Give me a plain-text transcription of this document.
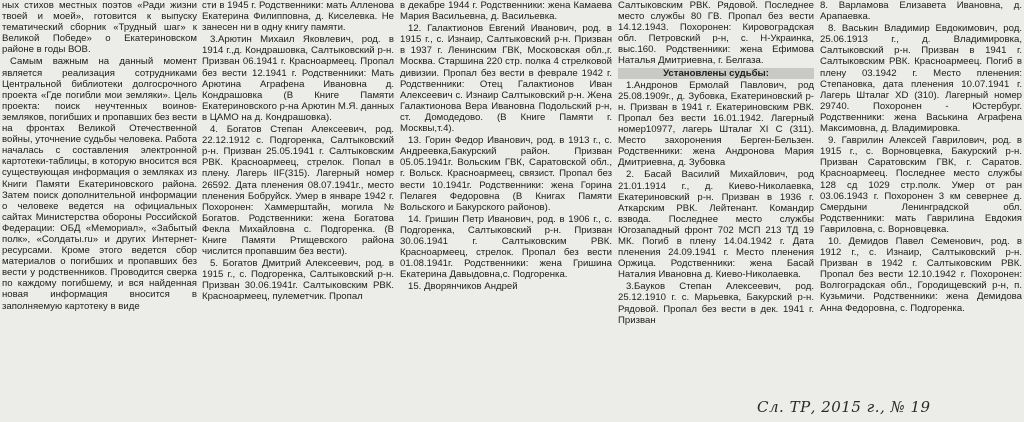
ных стихов местных поэтов «Ради жизни твоей и моей», готовится к выпуску тематический сборник «Трудный шаг» к Великой Победе» о Екатериновском районе в годы ВОВ.

Самым важным на данный момент является реализация сотрудниками Центральной библиотеки долгосрочного проекта «Где погибли мои земляки». Цель проекта: поиск неучтенных воинов-земляков, погибших и пропавших без вести на фронтах Великой Отечественной войны, уточнение судьбы человека. Работа началась с составления электронной картотеки-таблицы, в которую вносится вся существующая информация о земляках из Книги Памяти Екатериновского района. Затем поиск дополнительной информации о человеке ведется на официальных сайтах Министерства обороны Российской Федерации: ОБД «Мемориал», «Забытый полк», «Солдаты.ru» и других Интернет-ресурсами. Кроме этого ведется сбор материалов о погибших и пропавших без вести у родственников. Проводится сверка по каждому погибшему, и вся найденная новая информация вносится в заполняемую картотеку в виде

сти в 1945 г. Родственники: мать Алленова Екатерина Филипповна, д. Киселевка. Не занесен ни в одну книгу памяти.

3.Арютин Михаил Яковлевич, род. в 1914 г.,д. Кондрашовка, Салтыковский р-н. Призван 06.1941 г. Красноармеец. Пропал без вести 12.1941 г. Родственники: Мать Арютина Аграфена Ивановна д. Кондрашовка (В Книге Памяти Екатериновского р-на Арютин М.Я. данных в ЦАМО на д. Кондрашовка).

4. Богатов Степан Алексеевич, род. 22.12.1912 с. Подгоренка, Салтыковский р-н. Призван 25.05.1941 г. Салтыковским РВК. Красноармеец, стрелок. Попал в плену. Лагерь IIF(315). Лагерный номер 26592. Дата пленения 08.07.1941г., место пленения Бобруйск. Умер в январе 1942 г. Похоронен: Хаммерштайн, могила № Богатов. Родственники: жена Богатова Фекла Михайловна с. Подгоренка. (В Книге Памяти Ртищевского района числится пропавшим без вести).

5. Богатов Дмитрий Алексеевич, род. в 1915 г., с. Подгоренка, Салтыковский р-н. Призван 30.06.1941г. Салтыковским РВК. Красноармеец, пулеметчик. Пропал

в декабре 1944 г. Родственники: жена Камаева Мария Васильевна, д. Васильевка.

12. Галактионов Евгений Иванович, род. в 1915 г., с. Изнаир, Салтыковский р-н. Призван в 1937 г. Ленинским ГВК, Московская обл.,г. Москва. Старшина 220 стр. полка 4 стрелковой дивизии. Пропал без вести в феврале 1942 г. Родственники: Отец Галактионов Иван Алексеевич с. Изнаир Салтыковский р-н. Жена Галактионова Вера Ивановна Подольский р-н, ст. Домодедово. (В Книге Памяти г. Москвы,т.4).

13. Горин Федор Иванович, род. в 1913 г., с. Андреевка,Бакурский район. Призван 05.05.1941г. Вольским ГВК, Саратовской обл., г. Вольск. Красноармеец, связист. Пропал без вести 10.1941г. Родственники: жена Горина Пелагея Федоровна (В Книгах Памяти Вольского и Бакурского районов).

14. Гришин Петр Иванович, род. в 1906 г., с. Подгоренка, Салтыковский р-н. Призван 30.06.1941 г. Салтыковским РВК. Красноармеец, стрелок. Пропал без вести 01.08.1941г. Родственники: жена Гришина Екатерина Давыдовна,с. Подгоренка.

15. Дворянчиков Андрей

Салтыковским РВК. Рядовой. Последнее место службы 80 ГВ. Пропал без вести 14.12.1943. Похоронен: Кировоградская обл. Петровский р-н, с. Н-Украинка, выс.160. Родственники: жена Ефимова Наталья Дмитриевна, г. Белгаза.

Установлены судьбы:

1.Андронов Ермолай Павлович, род 25.08.1909г., д. Зубовка, Екатериновский р-н. Призван в 1941 г. Екатериновским РВК. Пропал без вести 16.01.1942. Лагерный номер10977, лагерь Шталаг XI С (311). Место захоронения Берген-Бельзен. Родственники: жена Андронова Мария Дмитриевна, д. Зубовка

2. Басай Василий Михайлович, род 21.01.1914 г., д. Киево-Николаевка, Екатериновский р-н. Призван в 1936 г. Аткарским РВК. Лейтенант. Командир взвода. Последнее место службы Югозападный фронт 702 МСП 213 ТД 19 МК. Погиб в плену 14.04.1942 г. Дата пленения 24.09.1941 г. Место пленения Оржица. Родственники: жена Басай Наталия Ивановна д. Киево-Николаевка.

3.Бауков Степан Алексеевич, род. 25.12.1910 г. с. Марьевка, Бакурский р-н. Рядовой. Пропал без вести в дек. 1941 г. Призван

8. Варламова Елизавета Ивановна, д. Арапаевка.

8. Васькин Владимир Евдокимович, род. 25.06.1913 г., д. Владимировка, Салтыковский р-н. Призван в 1941 г. Салтыковским РВК. Красноармеец. Погиб в плену 03.1942 г. Место пленения: Степановка, дата пленения 10.07.1941 г. Лагерь Шталаг XD (310). Лагерный номер 29740. Похоронен - Юстербург. Родственники: жена Васькина Аграфена Максимовна, д. Владимировка.

9. Гаврилин Алексей Гаврилович, род. в 1915 г., с. Ворновцевка, Бакурский р-н. Призван Саратовским ГВК, г. Саратов. Красноармеец. Последнее место службы 128 сд 1029 стр.полк. Умер от ран 03.06.1943 г. Похоронен 3 км севернее д. Смердыни Ленинградской обл. Родственники: мать Гаврилина Евдокия Гавриловна, с. Ворновцевка.

10. Демидов Павел Семенович, род. в 1912 г., с. Изнаир, Салтыковский р-н. Призван в 1942 г. Салтыковским РВК. Пропал без вести 12.10.1942 г. Похоронен: Волгоградская обл., Городищевский р-н, п. Кузьмичи. Родственники: жена Демидова Анна Федоровна, с. Подгоренка.

Сл. ТР, 2015 г., № 19
